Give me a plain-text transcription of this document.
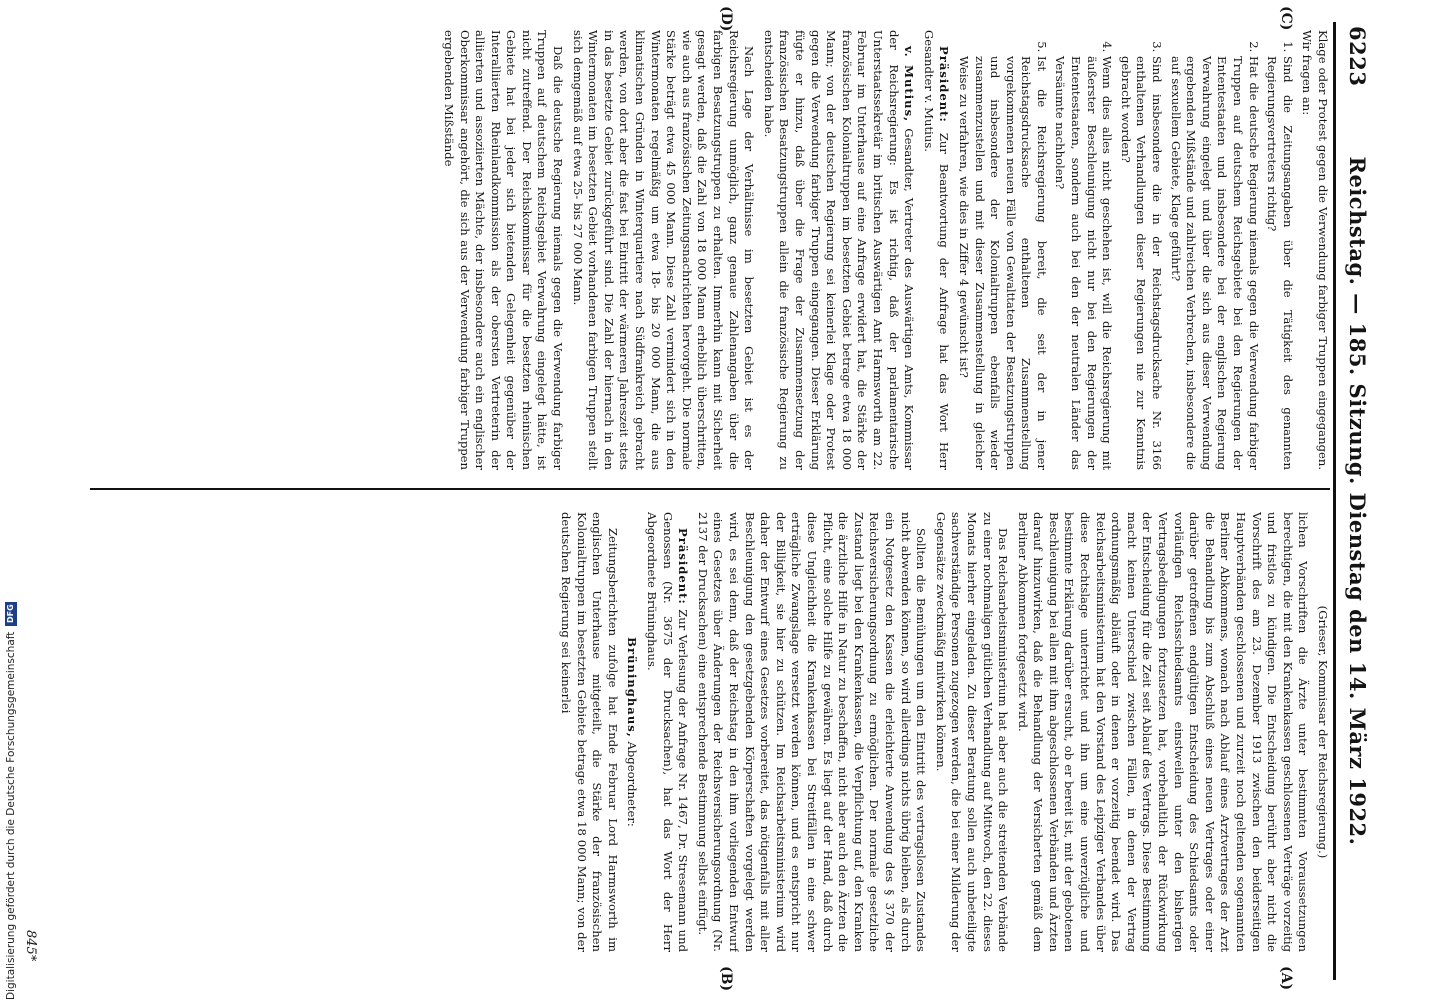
6223
Reichstag. — 185. Sitzung. Dienstag den 14. März 1922.
(C)
(D)
(A)
(B)

Klage oder Protest gegen die Verwendung farbiger Truppen eingegangen. Wir fragen an:

1. Sind die Zeitungsangaben über die Tätigkeit des genannten Regierungsvertreters richtig?
2. Hat die deutsche Regierung niemals gegen die Verwendung farbiger Truppen auf deutschem Reichsgebiete bei den Regierungen der Ententestaaten und insbesondere bei der englischen Regierung Verwahrung eingelegt und über die sich aus dieser Verwendung ergebenden Mißstände und zahlreichen Verbrechen, insbesondere die auf sexuellem Gebiete, Klage geführt?
3. Sind insbesondere die in der Reichstagsdrucksache Nr. 3166 enthaltenen Verhandlungen dieser Regierungen nie zur Kenntnis gebracht worden?
4. Wenn dies alles nicht geschehen ist, will die Reichsregierung mit äußerster Beschleunigung nicht nur bei den Regierungen der Ententestaaten, sondern auch bei den der neutralen Länder das Versäumte nachholen?
5. Ist die Reichsregierung bereit, die seit der in jener Reichstagsdrucksache enthaltenen Zusammenstellung vorgekommenen neuen Fälle von Gewalttaten der Besatzungstruppen und insbesondere der Kolonialtruppen ebenfalls wieder zusammenzustellen und mit dieser Zusammenstellung in gleicher Weise zu verfahren, wie dies in Ziffer 4 gewünscht ist?

Präsident: Zur Beantwortung der Anfrage hat das Wort Herr Gesandter v. Mutius.

v. Mutius, Gesandter, Vertreter des Auswärtigen Amts, Kommissar der Reichsregierung: Es ist richtig, daß der parlamentarische Unterstaatssekretär im britischen Auswärtigen Amt Harmsworth am 22. Februar im Unterhause auf eine Anfrage erwidert hat, die Stärke der französischen Kolonialtruppen im besetzten Gebiet betrage etwa 18 000 Mann; von der deutschen Regierung sei keinerlei Klage oder Protest gegen die Verwendung farbiger Truppen eingegangen. Dieser Erklärung fügte er hinzu, daß über die Frage der Zusammensetzung der französischen Besatzungstruppen allein die französische Regierung zu entscheiden habe.

Nach Lage der Verhältnisse im besetzten Gebiet ist es der Reichsregierung unmöglich, ganz genaue Zahlenangaben über die farbigen Besatzungstruppen zu erhalten. Immerhin kann mit Sicherheit gesagt werden, daß die Zahl von 18 000 Mann erheblich überschritten, wie auch aus französischen Zeitungsnachrichten hervorgeht. Die normale Stärke beträgt etwa 45 000 Mann. Diese Zahl vermindert sich in den Wintermonaten regelmäßig um etwa 18- bis 20 000 Mann, die aus klimatischen Gründen in Winterquartiere nach Südfrankreich gebracht werden, von dort aber die fast bei Eintritt der wärmeren Jahreszeit stets in das besetzte Gebiet zurückgeführt sind. Die Zahl der hiernach in den Wintermonaten im besetzten Gebiet vorhandenen farbigen Truppen stellt sich demgemäß auf etwa 25- bis 27 000 Mann.

Daß die deutsche Regierung niemals gegen die Verwendung farbiger Truppen auf deutschem Reichsgebiet Verwahrung eingelegt hätte, ist nicht zutreffend. Der Reichskommissar für die besetzten rheinischen Gebiete hat bei jeder sich bietenden Gelegenheit gegenüber der Interalliierten Rheinlandkommission als der obersten Vertreterin der alliierten und assoziierten Mächte, der insbesondere auch ein englischer Oberkommissar angehört, die sich aus der Verwendung farbiger Truppen ergebenden Mißstände

(Grieser, Kommissar der Reichsregierung.)

lichen Vorschriften die Ärzte unter bestimmten Voraussetzungen berechtigen, die mit den Krankenkassen geschlossenen Verträge vorzeitig und fristlos zu kündigen. Die Entscheidung berührt aber nicht die Vorschrift des am 23. Dezember 1913 zwischen den beiderseitigen Hauptverbänden geschlossenen und zurzeit noch geltenden sogenannten Berliner Abkommens, wonach nach Ablauf eines Arztvertrages der Arzt die Behandlung bis zum Abschluß eines neuen Vertrages oder einer darüber getroffenen endgültigen Entscheidung des Schiedsamts oder vorläufigen Reichsschiedsamts einstweilen unter den bisherigen Vertragsbedingungen fortzusetzen hat, vorbehaltlich der Rückwirkung der Entscheidung für die Zeit seit Ablauf des Vertrags. Diese Bestimmung macht keinen Unterschied zwischen Fällen, in denen der Vertrag ordnungsmäßig abläuft oder in denen er vorzeitig beendet wird. Das Reichsarbeitsministerium hat den Vorstand des Leipziger Verbandes über diese Rechtslage unterrichtet und ihn um eine unverzügliche und bestimmte Erklärung darüber ersucht, ob er bereit ist, mit der gebotenen Beschleunigung bei allen mit ihm abgeschlossenen Verbänden und Ärzten darauf hinzuwirken, daß die Behandlung der Versicherten gemäß dem Berliner Abkommen fortgesetzt wird.

Das Reichsarbeitsministerium hat aber auch die streitenden Verbände zu einer nochmaligen gütlichen Verhandlung auf Mittwoch, den 22. dieses Monats hierher eingeladen. Zu dieser Beratung sollen auch unbeteiligte sachverständige Personen zugezogen werden, die bei einer Milderung der Gegensätze zweckmäßig mitwirken können.

Sollten die Bemühungen um den Eintritt des vertragslosen Zustandes nicht abwenden können, so wird allerdings nichts übrig bleiben, als durch ein Notgesetz den Kassen die erleichterte Anwendung des § 370 der Reichsversicherungsordnung zu ermöglichen. Der normale gesetzliche Zustand liegt bei den Krankenkassen, die Verpflichtung auf, den Kranken die ärztliche Hilfe in Natur zu beschaffen, nicht aber auch den Ärzten die Pflicht, eine solche Hilfe zu gewähren. Es liegt auf der Hand, daß durch diese Ungleichheit die Krankenkassen bei Streitfällen in eine schwer erträgliche Zwangslage versetzt werden können, und es entspricht nur der Billigkeit, sie hier zu schützen. Im Reichsarbeitsministerium wird daher der Entwurf eines Gesetzes vorbereitet, das nötigenfalls mit aller Beschleunigung den gesetzgebenden Körperschaften vorgelegt werden wird, es sei denn, daß der Reichstag in den ihm vorliegenden Entwurf eines Gesetzes über Änderungen der Reichsversicherungsordnung (Nr. 2137 der Drucksachen) eine entsprechende Bestimmung selbst einfügt.

Präsident: Zur Verlesung der Anfrage Nr. 1467, Dr. Stresemann und Genossen (Nr. 3675 der Drucksachen), hat das Wort der Herr Abgeordnete Brüninghaus.

Brüninghaus, Abgeordneter:

Zeitungsberichten zufolge hat Ende Februar Lord Harmsworth im englischen Unterhause mitgeteilt, die Stärke der französischen Kolonialtruppen im besetzten Gebiete betrage etwa 18 000 Mann; von der deutschen Regierung sei keinerlei

845*
Digitalisierung gefördert durch die Deutsche Forschungsgemeinschaft
DFG
